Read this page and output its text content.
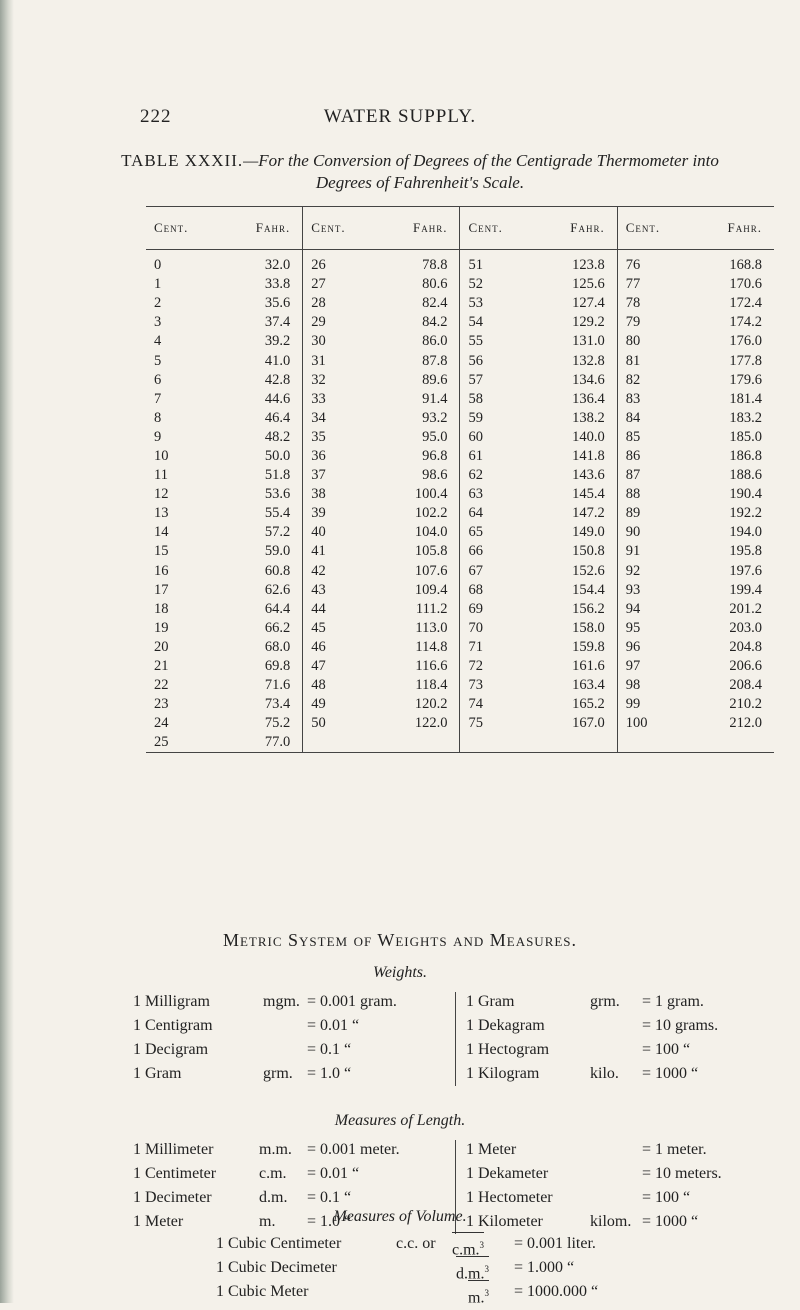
222	WATER SUPPLY.
TABLE XXXII.—For the Conversion of Degrees of the Centigrade Thermometer into
Degrees of Fahrenheit's Scale.
Cent.	Fahr.	Cent.	Fahr.	Cent.	Fahr.	Cent.	Fahr.
0	32.0	26	78.8	51	123.8	76	168.8
1	33.8	27	80.6	52	125.6	77	170.6
2	35.6	28	82.4	53	127.4	78	172.4
3	37.4	29	84.2	54	129.2	79	174.2
4	39.2	30	86.0	55	131.0	80	176.0
5	41.0	31	87.8	56	132.8	81	177.8
6	42.8	32	89.6	57	134.6	82	179.6
7	44.6	33	91.4	58	136.4	83	181.4
8	46.4	34	93.2	59	138.2	84	183.2
9	48.2	35	95.0	60	140.0	85	185.0
10	50.0	36	96.8	61	141.8	86	186.8
11	51.8	37	98.6	62	143.6	87	188.6
12	53.6	38	100.4	63	145.4	88	190.4
13	55.4	39	102.2	64	147.2	89	192.2
14	57.2	40	104.0	65	149.0	90	194.0
15	59.0	41	105.8	66	150.8	91	195.8
16	60.8	42	107.6	67	152.6	92	197.6
17	62.6	43	109.4	68	154.4	93	199.4
18	64.4	44	111.2	69	156.2	94	201.2
19	66.2	45	113.0	70	158.0	95	203.0
20	68.0	46	114.8	71	159.8	96	204.8
21	69.8	47	116.6	72	161.6	97	206.6
22	71.6	48	118.4	73	163.4	98	208.4
23	73.4	49	120.2	74	165.2	99	210.2
24	75.2	50	122.0	75	167.0	100	212.0
25	77.0						
Metric System of Weights and Measures.
Weights.
1 Milligram	mgm. = 0.001 gram.
1 Centigram	= 0.01 “
1 Decigram	= 0.1 “
1 Gram	grm. = 1.0 “
1 Gram	grm. = 1 gram.
1 Dekagram	= 10 grams.
1 Hectogram	= 100 “
1 Kilogram	kilo. = 1000 “
Measures of Length.
1 Millimeter	m.m. = 0.001 meter.
1 Centimeter	c.m. = 0.01 “
1 Decimeter	d.m. = 0.1 “
1 Meter	m. = 1.0 “
1 Meter	= 1 meter.
1 Dekameter	= 10 meters.
1 Hectometer	= 100 “
1 Kilometer	kilom. = 1000 “
Measures of Volume.
1 Cubic Centimeter	c.c. or c.m.$^3$ = 0.001 liter.
1 Cubic Decimeter	d.m.$^3$ = 1.000 “
1 Cubic Meter	m.$^3$ = 1000.000 “
